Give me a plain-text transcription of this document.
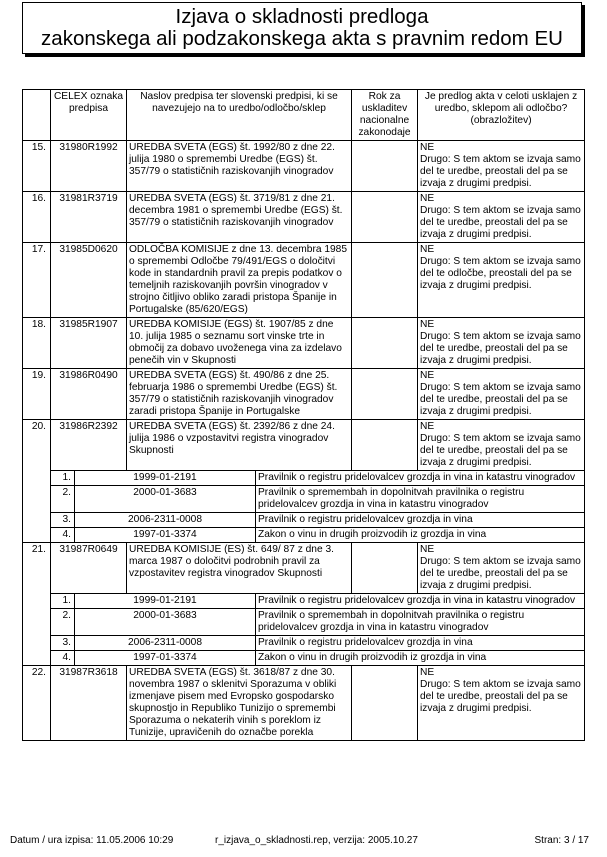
Izjava o skladnosti predloga
zakonskega ali podzakonskega akta s pravnim redom EU
	CELEX oznaka predpisa		Naslov predpisa ter slovenski predpisi, ki se navezujejo na to uredbo/odločbo/sklep		Rok za uskladitev nacionalne zakonodaje	Je predlog akta v celoti usklajen z uredbo, sklepom ali odločbo? (obrazložitev)
15.	31980R1992		UREDBA SVETA (EGS) št. 1992/80 z dne 22. julija 1980 o spremembi Uredbe (EGS) št. 357/79 o statističnih raziskovanjih vinogradov			NE
Drugo: S tem aktom se izvaja samo del te uredbe, preostali del pa se izvaja z drugimi predpisi.

16.	31981R3719		UREDBA SVETA (EGS) št. 3719/81 z dne 21. decembra 1981 o spremembi Uredbe (EGS) št. 357/79 o statističnih raziskovanjih vinogradov			NE
Drugo: S tem aktom se izvaja samo del te uredbe, preostali del pa se izvaja z drugimi predpisi.

17.	31985D0620		ODLOČBA KOMISIJE z dne 13. decembra 1985 o spremembi Odločbe 79/491/EGS o določitvi kode in standardnih pravil za prepis podatkov o temeljnih raziskovanjih površin vinogradov v strojno čitljivo obliko zaradi pristopa Španije in Portugalske (85/620/EGS)			NE
Drugo: S tem aktom se izvaja samo del te odločbe, preostali del pa se izvaja z drugimi predpisi.

18.	31985R1907		UREDBA KOMISIJE (EGS) št. 1907/85 z dne 10. julija 1985 o seznamu sort vinske trte in območij za dobavo uvoženega vina za izdelavo penečih vin v Skupnosti			NE
Drugo: S tem aktom se izvaja samo del te uredbe, preostali del pa se izvaja z drugimi predpisi.

19.	31986R0490		UREDBA SVETA (EGS) št. 490/86 z dne 25. februarja 1986 o spremembi Uredbe (EGS) št. 357/79 o statističnih raziskovanjih vinogradov zaradi pristopa Španije in Portugalske			NE
Drugo: S tem aktom se izvaja samo del te uredbe, preostali del pa se izvaja z drugimi predpisi.

20.	31986R2392		UREDBA SVETA (EGS) št. 2392/86 z dne 24. julija 1986 o vzpostavitvi registra vinogradov Skupnosti			NE
Drugo: S tem aktom se izvaja samo del te uredbe, preostali del pa se izvaja z drugimi predpisi.

	1.	1999-01-2191		Pravilnik o registru pridelovalcev grozdja in vina in katastru vinogradov		
	2.	2000-01-3683		Pravilnik o spremembah in dopolnitvah pravilnika o registru pridelovalcev grozdja in vina in katastru vinogradov		
	3.	2006-2311-0008		Pravilnik o registru pridelovalcev grozdja in vina		
	4.	1997-01-3374		Zakon o vinu in drugih proizvodih iz grozdja in vina		
21.	31987R0649		UREDBA KOMISIJE (ES) št. 649/ 87 z dne 3. marca 1987 o določitvi podrobnih pravil za vzpostavitev registra vinogradov Skupnosti			NE
Drugo: S tem aktom se izvaja samo del te uredbe, preostali del pa se izvaja z drugimi predpisi.

	1.	1999-01-2191		Pravilnik o registru pridelovalcev grozdja in vina in katastru vinogradov		
	2.	2000-01-3683		Pravilnik o spremembah in dopolnitvah pravilnika o registru pridelovalcev grozdja in vina in katastru vinogradov		
	3.	2006-2311-0008		Pravilnik o registru pridelovalcev grozdja in vina		
	4.	1997-01-3374		Zakon o vinu in drugih proizvodih iz grozdja in vina		
22.	31987R3618		UREDBA SVETA (EGS) št. 3618/87 z dne 30. novembra 1987 o sklenitvi Sporazuma v obliki izmenjave pisem med Evropsko gospodarsko skupnostjo in Republiko Tunizijo o spremembi Sporazuma o nekaterih vinih s poreklom iz Tunizije, upravičenih do označbe porekla			NE
Drugo: S tem aktom se izvaja samo del te uredbe, preostali del pa se izvaja z drugimi predpisi.
Datum / ura izpisa: 11.05.2006 10:29	r_izjava_o_skladnosti.rep, verzija: 2005.10.27	Stran: 3 / 17
